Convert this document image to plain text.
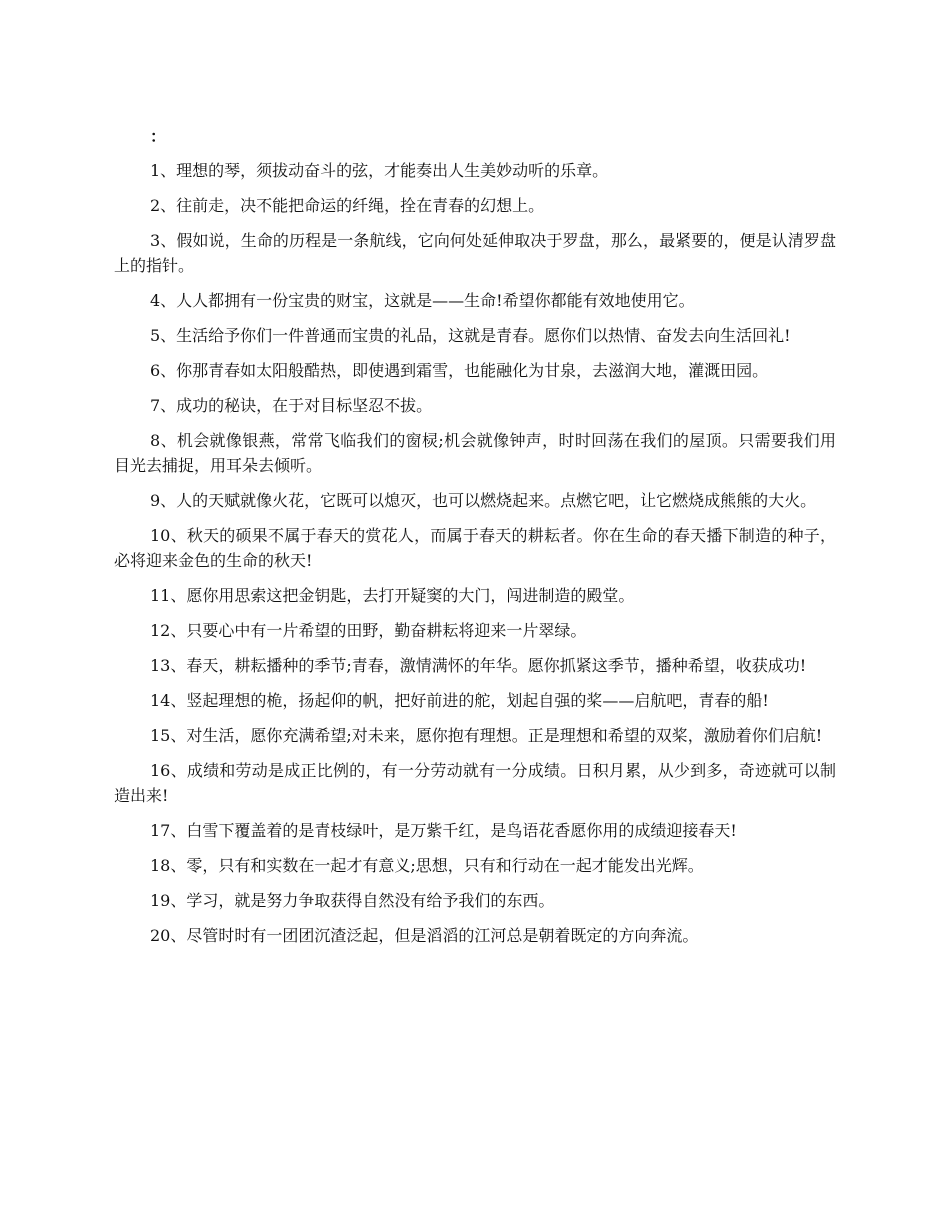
：

1、理想的琴，须拔动奋斗的弦，才能奏出人生美妙动听的乐章。

2、往前走，决不能把命运的纤绳，拴在青春的幻想上。

3、假如说，生命的历程是一条航线，它向何处延伸取决于罗盘，那么，最紧要的，便是认清罗盘上的指针。

4、人人都拥有一份宝贵的财宝，这就是——生命!希望你都能有效地使用它。

5、生活给予你们一件普通而宝贵的礼品，这就是青春。愿你们以热情、奋发去向生活回礼!

6、你那青春如太阳般酷热，即使遇到霜雪，也能融化为甘泉，去滋润大地，灌溉田园。

7、成功的秘诀，在于对目标坚忍不拔。

8、机会就像银燕，常常飞临我们的窗棂;机会就像钟声，时时回荡在我们的屋顶。只需要我们用目光去捕捉，用耳朵去倾听。

9、人的天赋就像火花，它既可以熄灭，也可以燃烧起来。点燃它吧，让它燃烧成熊熊的大火。

10、秋天的硕果不属于春天的赏花人，而属于春天的耕耘者。你在生命的春天播下制造的种子，必将迎来金色的生命的秋天!

11、愿你用思索这把金钥匙，去打开疑窦的大门，闯进制造的殿堂。

12、只要心中有一片希望的田野，勤奋耕耘将迎来一片翠绿。

13、春天，耕耘播种的季节;青春，激情满怀的年华。愿你抓紧这季节，播种希望，收获成功!

14、竖起理想的桅，扬起仰的帆，把好前进的舵，划起自强的桨——启航吧，青春的船!

15、对生活，愿你充满希望;对未来，愿你抱有理想。正是理想和希望的双桨，激励着你们启航!

16、成绩和劳动是成正比例的，有一分劳动就有一分成绩。日积月累，从少到多，奇迹就可以制造出来!

17、白雪下覆盖着的是青枝绿叶，是万紫千红，是鸟语花香愿你用的成绩迎接春天!

18、零，只有和实数在一起才有意义;思想，只有和行动在一起才能发出光辉。

19、学习，就是努力争取获得自然没有给予我们的东西。

20、尽管时时有一团团沉渣泛起，但是滔滔的江河总是朝着既定的方向奔流。
